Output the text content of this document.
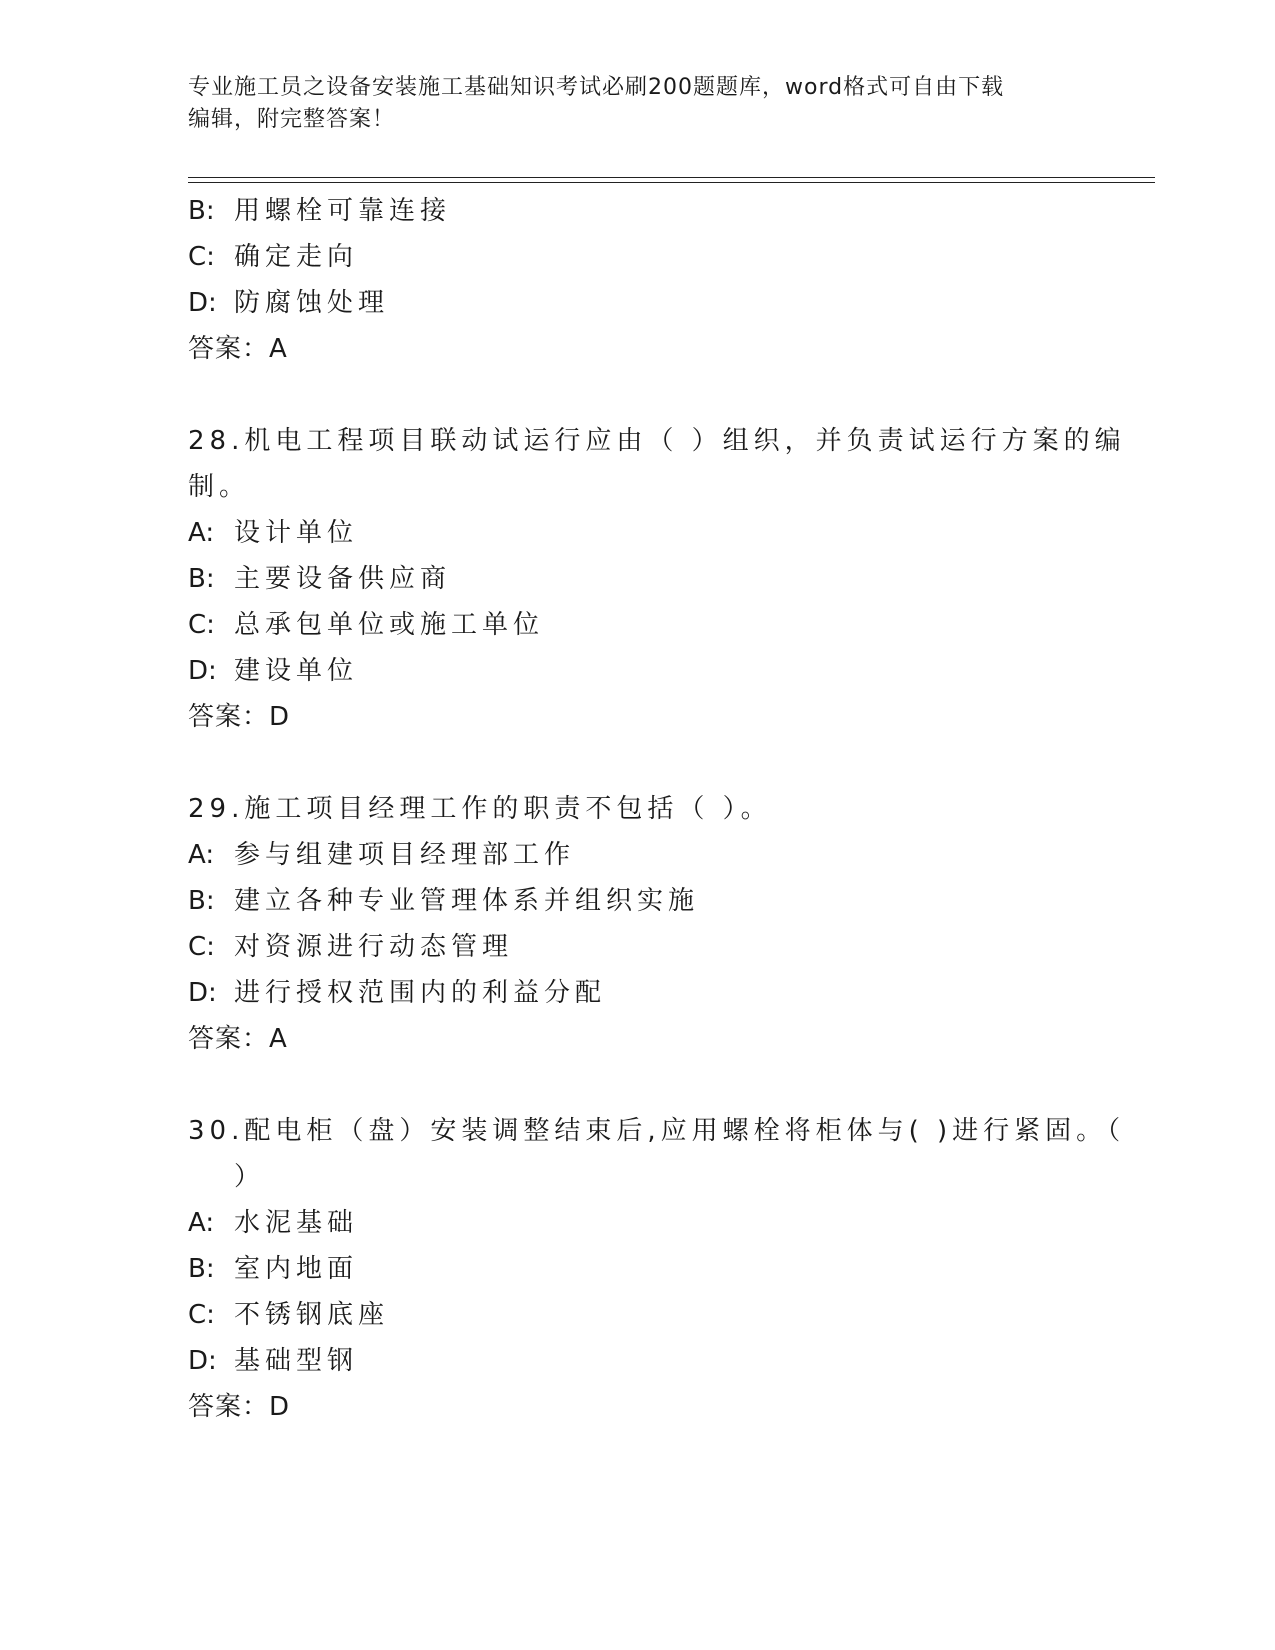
专业施工员之设备安装施工基础知识考试必刷200题题库，word格式可自由下载
编辑，附完整答案！
B: 用螺栓可靠连接
C: 确定走向
D: 防腐蚀处理
答案：A
28.机电工程项目联动试运行应由（ ）组织，并负责试运行方案的编
制。
A: 设计单位
B: 主要设备供应商
C: 总承包单位或施工单位
D: 建设单位
答案：D
29.施工项目经理工作的职责不包括（ ）。
A: 参与组建项目经理部工作
B: 建立各种专业管理体系并组织实施
C: 对资源进行动态管理
D: 进行授权范围内的利益分配
答案：A
30.配电柜（盘）安装调整结束后,应用螺栓将柜体与( )进行紧固。（
）
A: 水泥基础
B: 室内地面
C: 不锈钢底座
D: 基础型钢
答案：D
